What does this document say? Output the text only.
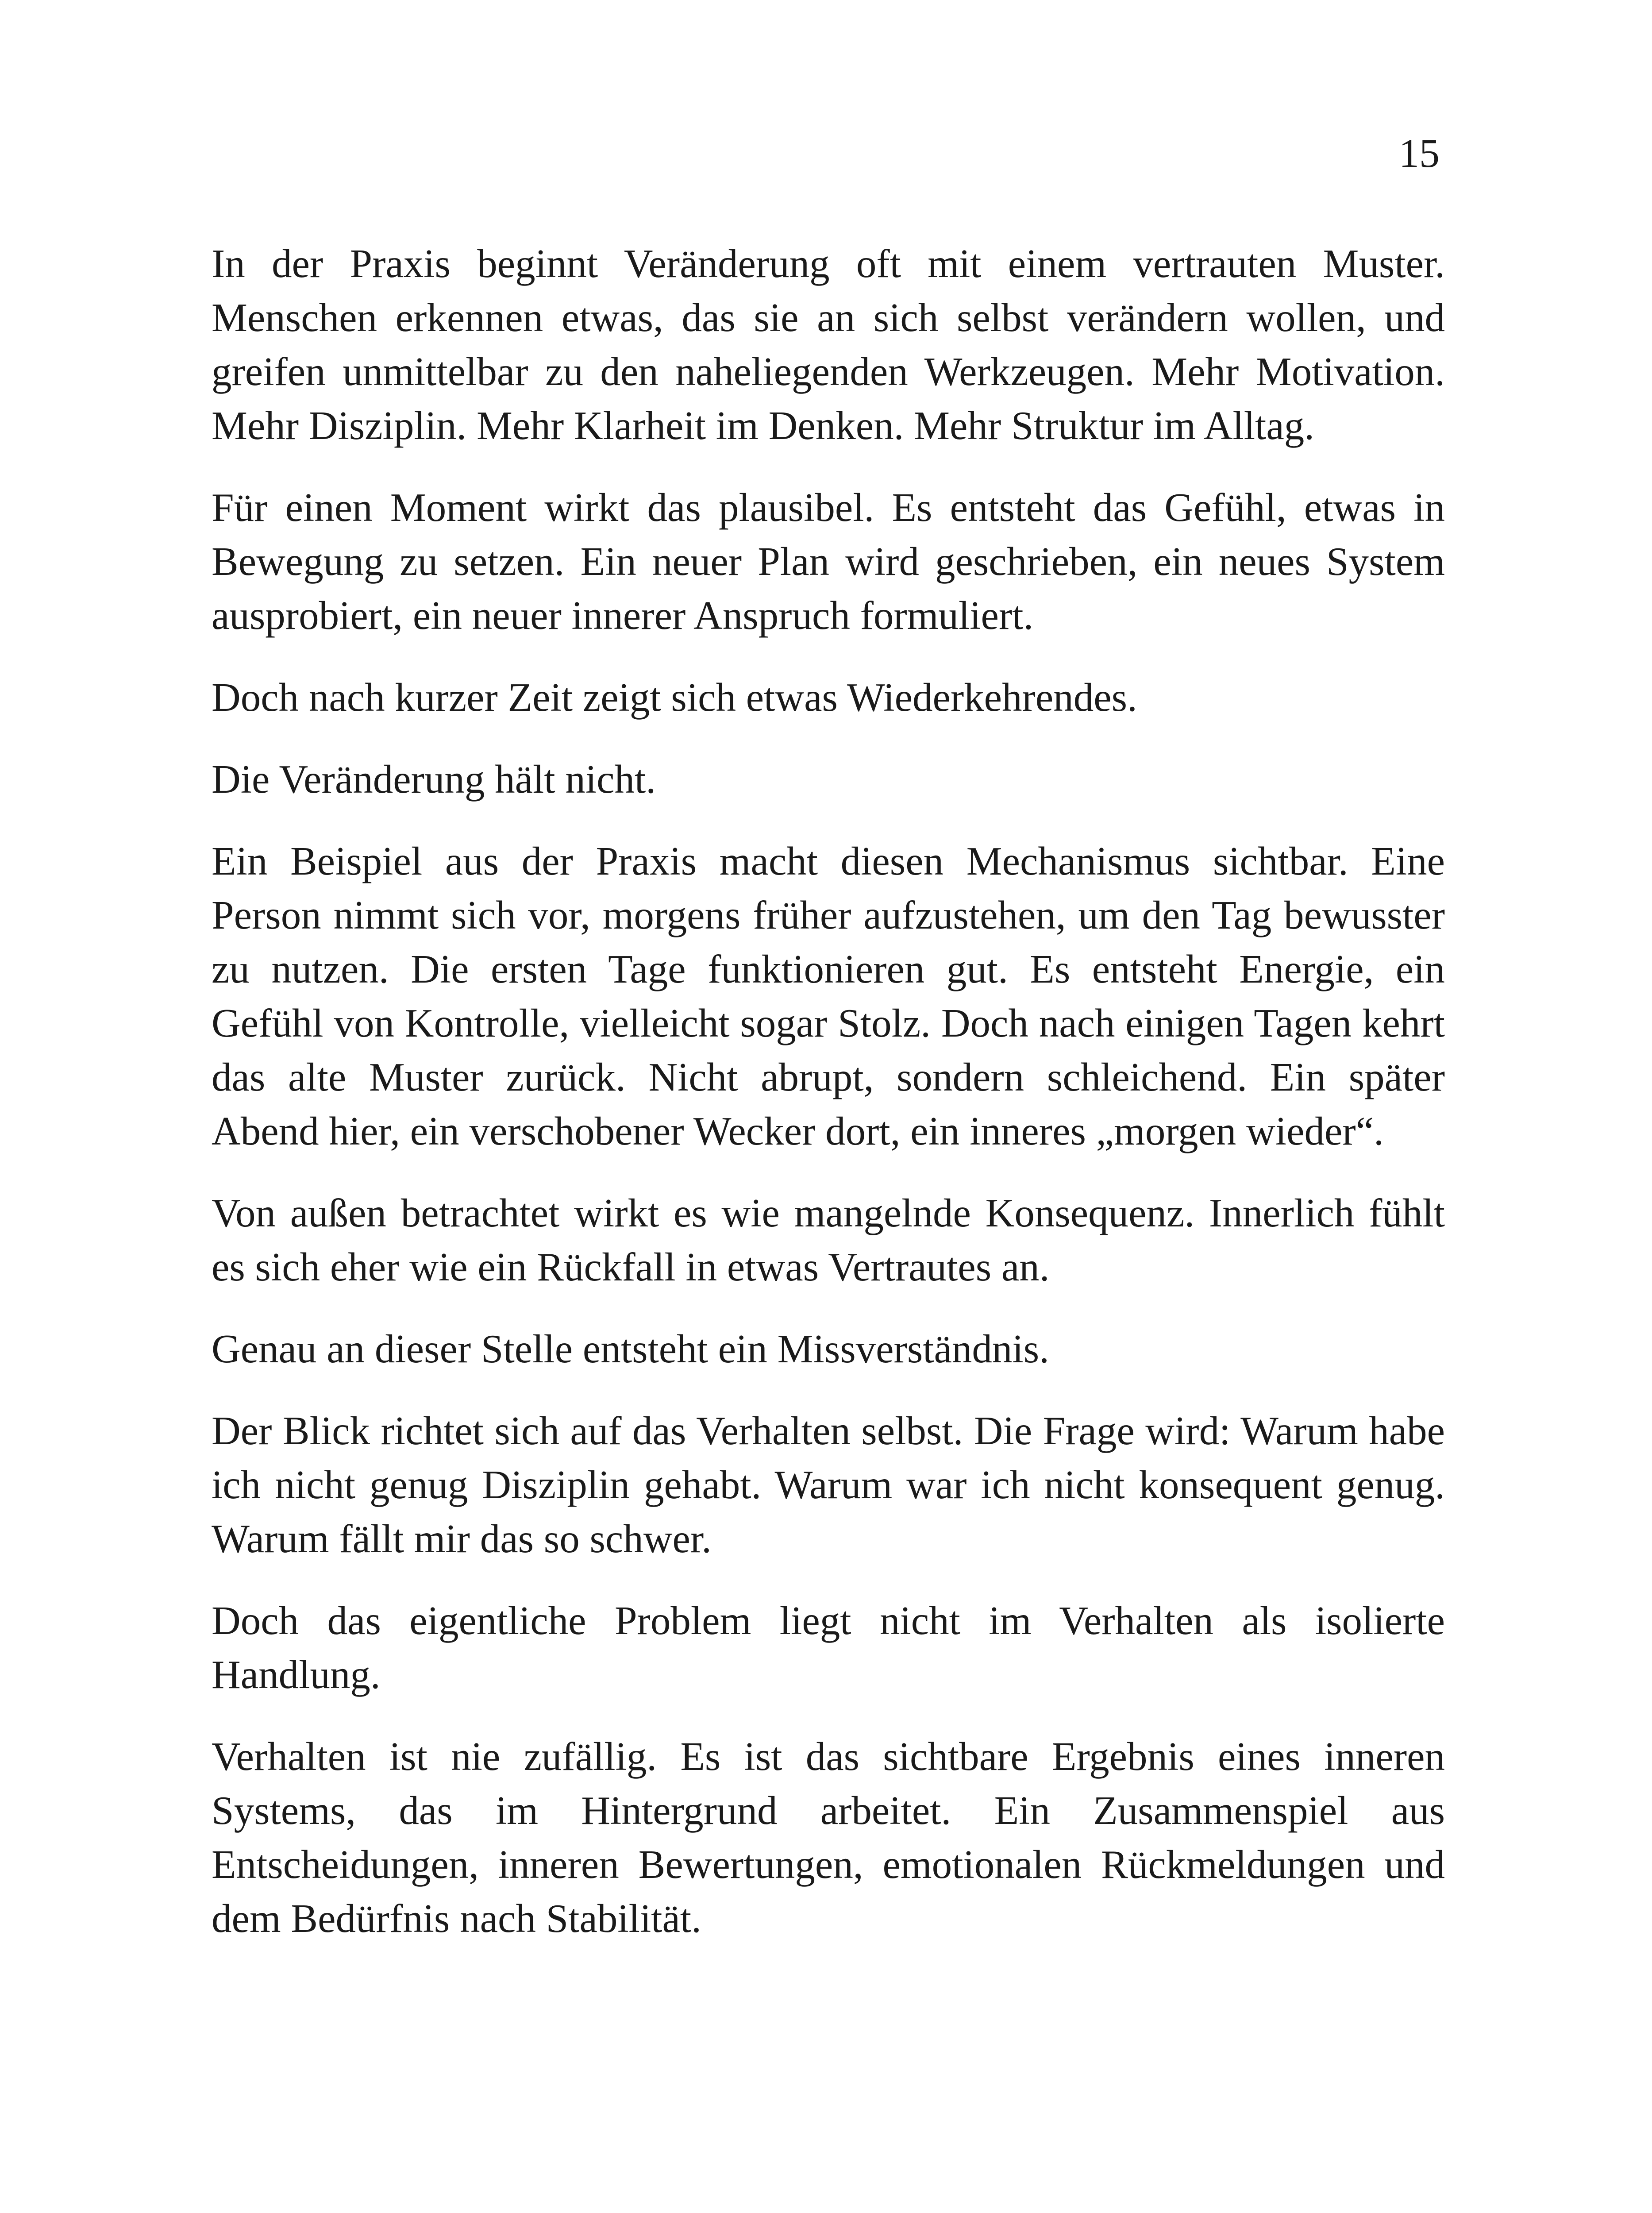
15

In der Praxis beginnt Veränderung oft mit einem vertrauten Muster. Menschen erkennen etwas, das sie an sich selbst verändern wollen, und greifen unmittelbar zu den naheliegenden Werkzeugen. Mehr Motivation. Mehr Disziplin. Mehr Klarheit im Denken. Mehr Struktur im Alltag.

Für einen Moment wirkt das plausibel. Es entsteht das Gefühl, etwas in Bewegung zu setzen. Ein neuer Plan wird geschrieben, ein neues System ausprobiert, ein neuer innerer Anspruch formuliert.

Doch nach kurzer Zeit zeigt sich etwas Wiederkehrendes.

Die Veränderung hält nicht.

Ein Beispiel aus der Praxis macht diesen Mechanismus sichtbar. Eine Person nimmt sich vor, morgens früher aufzustehen, um den Tag bewusster zu nutzen. Die ersten Tage funktionieren gut. Es entsteht Energie, ein Gefühl von Kontrolle, vielleicht sogar Stolz. Doch nach einigen Tagen kehrt das alte Muster zurück. Nicht abrupt, sondern schleichend. Ein später Abend hier, ein verschobener Wecker dort, ein inneres „morgen wieder“.

Von außen betrachtet wirkt es wie mangelnde Konsequenz. Innerlich fühlt es sich eher wie ein Rückfall in etwas Vertrautes an.

Genau an dieser Stelle entsteht ein Missverständnis.

Der Blick richtet sich auf das Verhalten selbst. Die Frage wird: Warum habe ich nicht genug Disziplin gehabt. Warum war ich nicht konsequent genug. Warum fällt mir das so schwer.

Doch das eigentliche Problem liegt nicht im Verhalten als isolierte Handlung.

Verhalten ist nie zufällig. Es ist das sichtbare Ergebnis eines inneren Systems, das im Hintergrund arbeitet. Ein Zusammenspiel aus Entscheidungen, inneren Bewertungen, emotionalen Rückmeldungen und dem Bedürfnis nach Stabilität.
